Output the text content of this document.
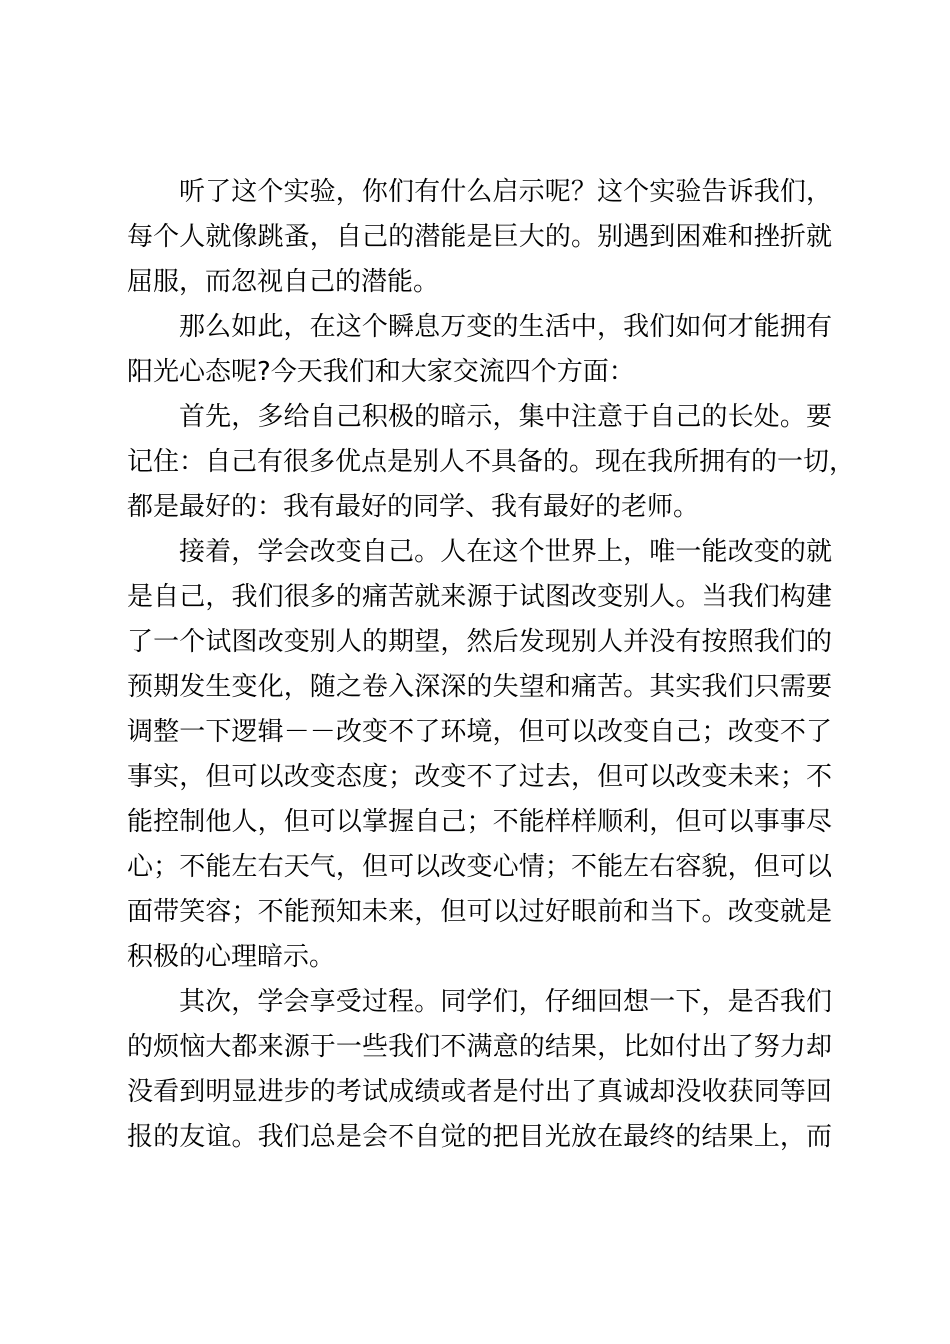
听了这个实验，你们有什么启示呢？这个实验告诉我们，
每个人就像跳蚤，自己的潜能是巨大的。别遇到困难和挫折就
屈服，而忽视自己的潜能。
那么如此，在这个瞬息万变的生活中，我们如何才能拥有
阳光心态呢?今天我们和大家交流四个方面：
首先，多给自己积极的暗示，集中注意于自己的长处。要
记住：自己有很多优点是别人不具备的。现在我所拥有的一切，
都是最好的：我有最好的同学、我有最好的老师。
接着，学会改变自己。人在这个世界上，唯一能改变的就
是自己，我们很多的痛苦就来源于试图改变别人。当我们构建
了一个试图改变别人的期望，然后发现别人并没有按照我们的
预期发生变化，随之卷入深深的失望和痛苦。其实我们只需要
调整一下逻辑－－改变不了环境，但可以改变自己；改变不了
事实，但可以改变态度；改变不了过去，但可以改变未来；不
能控制他人，但可以掌握自己；不能样样顺利，但可以事事尽
心；不能左右天气，但可以改变心情；不能左右容貌，但可以
面带笑容；不能预知未来，但可以过好眼前和当下。改变就是
积极的心理暗示。
其次，学会享受过程。同学们，仔细回想一下，是否我们
的烦恼大都来源于一些我们不满意的结果，比如付出了努力却
没看到明显进步的考试成绩或者是付出了真诚却没收获同等回
报的友谊。我们总是会不自觉的把目光放在最终的结果上，而
